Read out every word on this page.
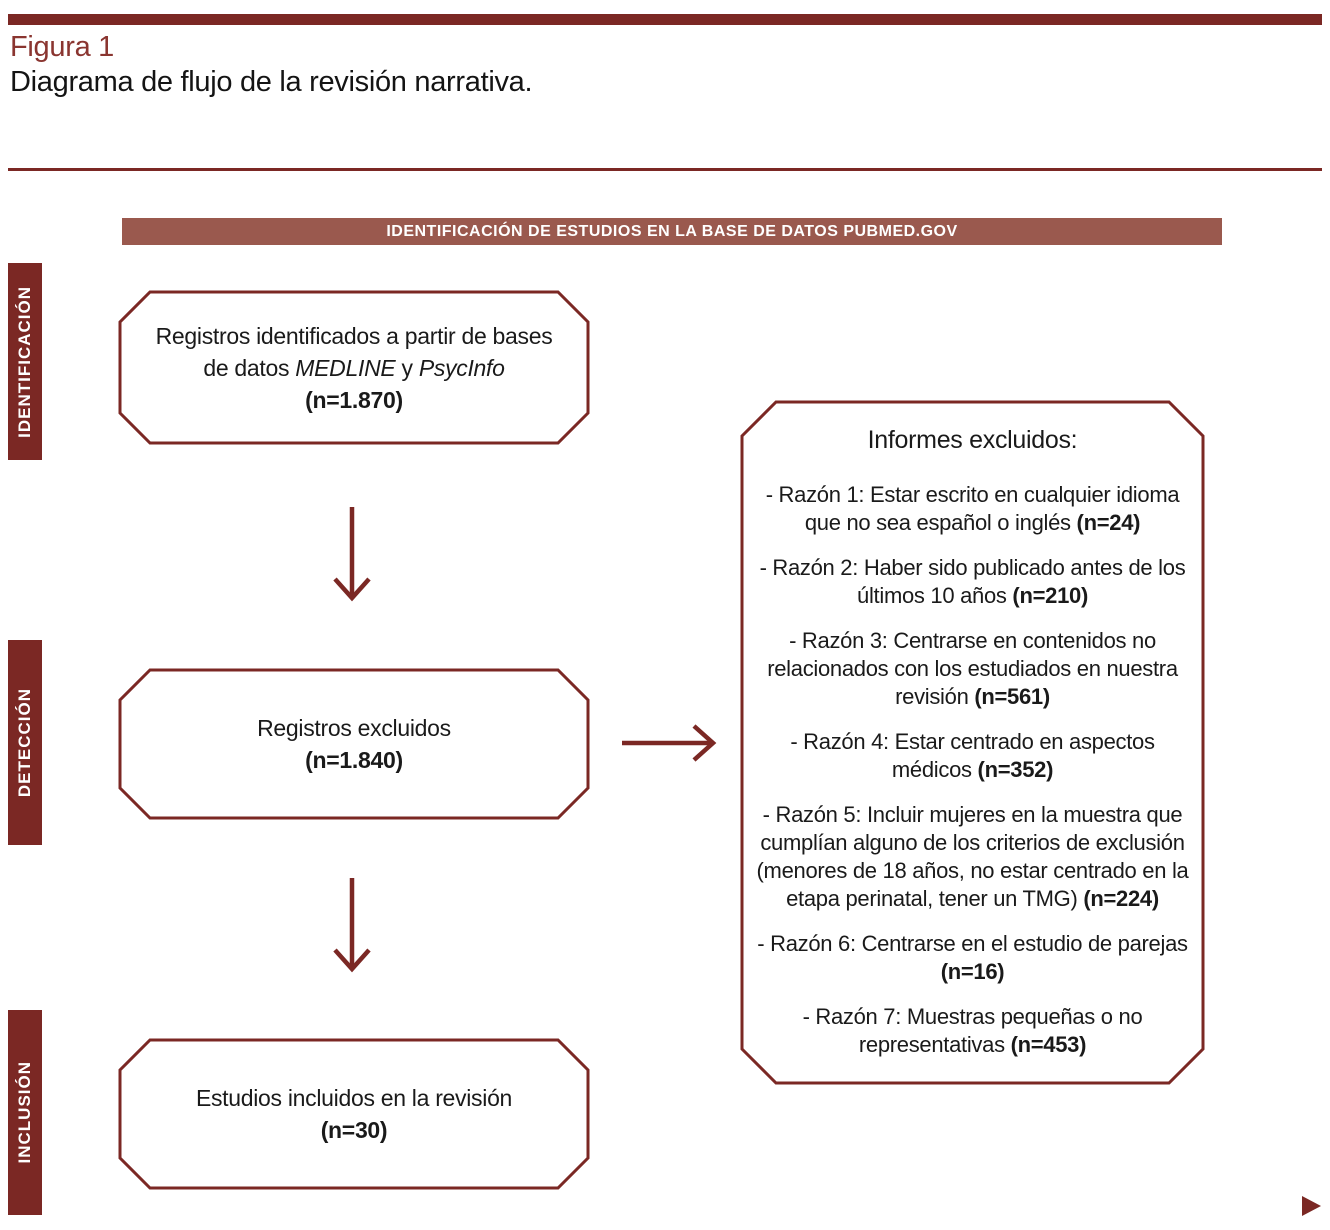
Figura 1
Diagrama de flujo de la revisión narrativa.
IDENTIFICACIÓN DE ESTUDIOS EN LA BASE DE DATOS PUBMED.GOV
IDENTIFICACIÓN
DETECCIÓN
INCLUSIÓN
Registros identificados a partir de bases
de datos MEDLINE y PsycInfo
(n=1.870)
Registros excluidos
(n=1.840)
Estudios incluidos en la revisión
(n=30)

Informes excluidos:

- Razón 1: Estar escrito en cualquier idioma que no sea español o inglés (n=24)

- Razón 2: Haber sido publicado antes de los últimos 10 años (n=210)

- Razón 3: Centrarse en contenidos no relacionados con los estudiados en nuestra revisión (n=561)

- Razón 4: Estar centrado en aspectos médicos (n=352)

- Razón 5: Incluir mujeres en la muestra que cumplían alguno de los criterios de exclusión (menores de 18 años, no estar centrado en la etapa perinatal, tener un TMG) (n=224)

- Razón 6: Centrarse en el estudio de parejas (n=16)

- Razón 7: Muestras pequeñas o no representativas (n=453)
